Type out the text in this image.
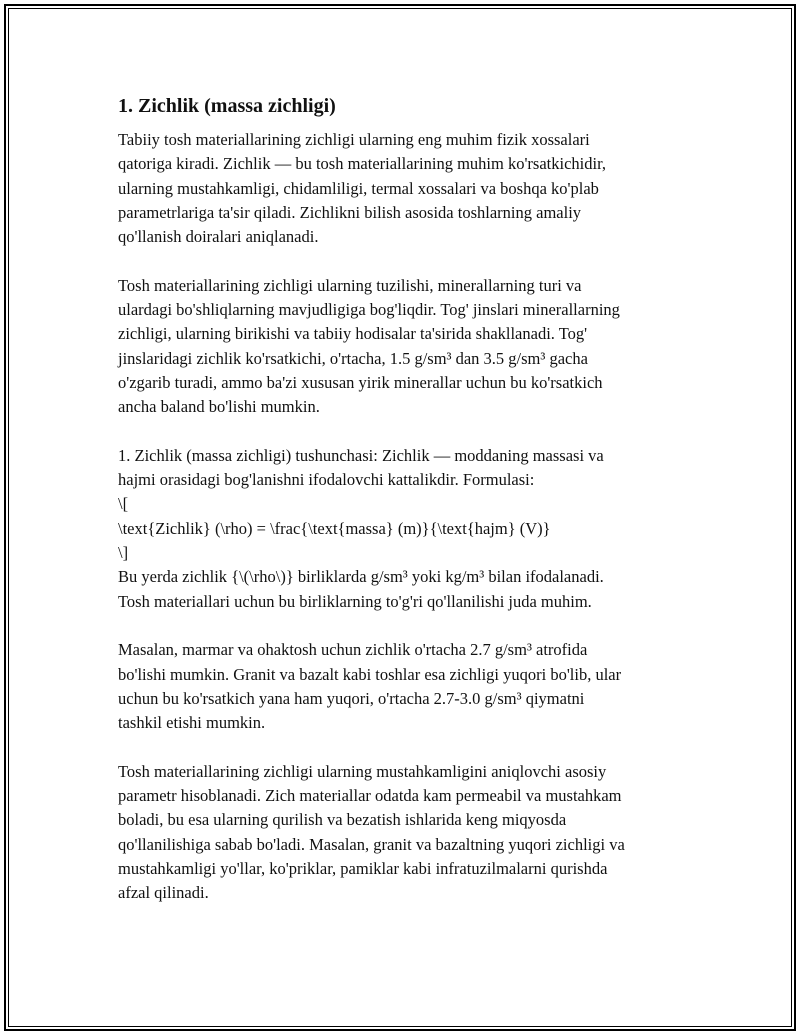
1. Zichlik (massa zichligi)
Tabiiy tosh materiallarining zichligi ularning eng muhim fizik xossalari
qatoriga kiradi. Zichlik — bu tosh materiallarining muhim ko'rsatkichidir,
ularning mustahkamligi, chidamliligi, termal xossalari va boshqa ko'plab
parametrlariga ta'sir qiladi. Zichlikni bilish asosida toshlarning amaliy
qo'llanish doiralari aniqlanadi.
Tosh materiallarining zichligi ularning tuzilishi, minerallarning turi va
ulardagi bo'shliqlarning mavjudligiga bog'liqdir. Tog' jinslari minerallarning
zichligi, ularning birikishi va tabiiy hodisalar ta'sirida shakllanadi. Tog'
jinslaridagi zichlik ko'rsatkichi, o'rtacha, 1.5 g/sm³ dan 3.5 g/sm³ gacha
o'zgarib turadi, ammo ba'zi xususan yirik minerallar uchun bu ko'rsatkich
ancha baland bo'lishi mumkin.
1. Zichlik (massa zichligi) tushunchasi: Zichlik — moddaning massasi va
hajmi orasidagi bog'lanishni ifodalovchi kattalikdir. Formulasi:
\[
\text{Zichlik} (\rho) = \frac{\text{massa} (m)}{\text{hajm} (V)}
\]
Bu yerda zichlik {\(\rho\)} birliklarda g/sm³ yoki kg/m³ bilan ifodalanadi.
Tosh materiallari uchun bu birliklarning to'g'ri qo'llanilishi juda muhim.
Masalan, marmar va ohaktosh uchun zichlik o'rtacha 2.7 g/sm³ atrofida
bo'lishi mumkin. Granit va bazalt kabi toshlar esa zichligi yuqori bo'lib, ular
uchun bu ko'rsatkich yana ham yuqori, o'rtacha 2.7-3.0 g/sm³ qiymatni
tashkil etishi mumkin.
Tosh materiallarining zichligi ularning mustahkamligini aniqlovchi asosiy
parametr hisoblanadi. Zich materiallar odatda kam permeabil va mustahkam
boladi, bu esa ularning qurilish va bezatish ishlarida keng miqyosda
qo'llanilishiga sabab bo'ladi. Masalan, granit va bazaltning yuqori zichligi va
mustahkamligi yo'llar, ko'priklar, pamiklar kabi infratuzilmalarni qurishda
afzal qilinadi.
